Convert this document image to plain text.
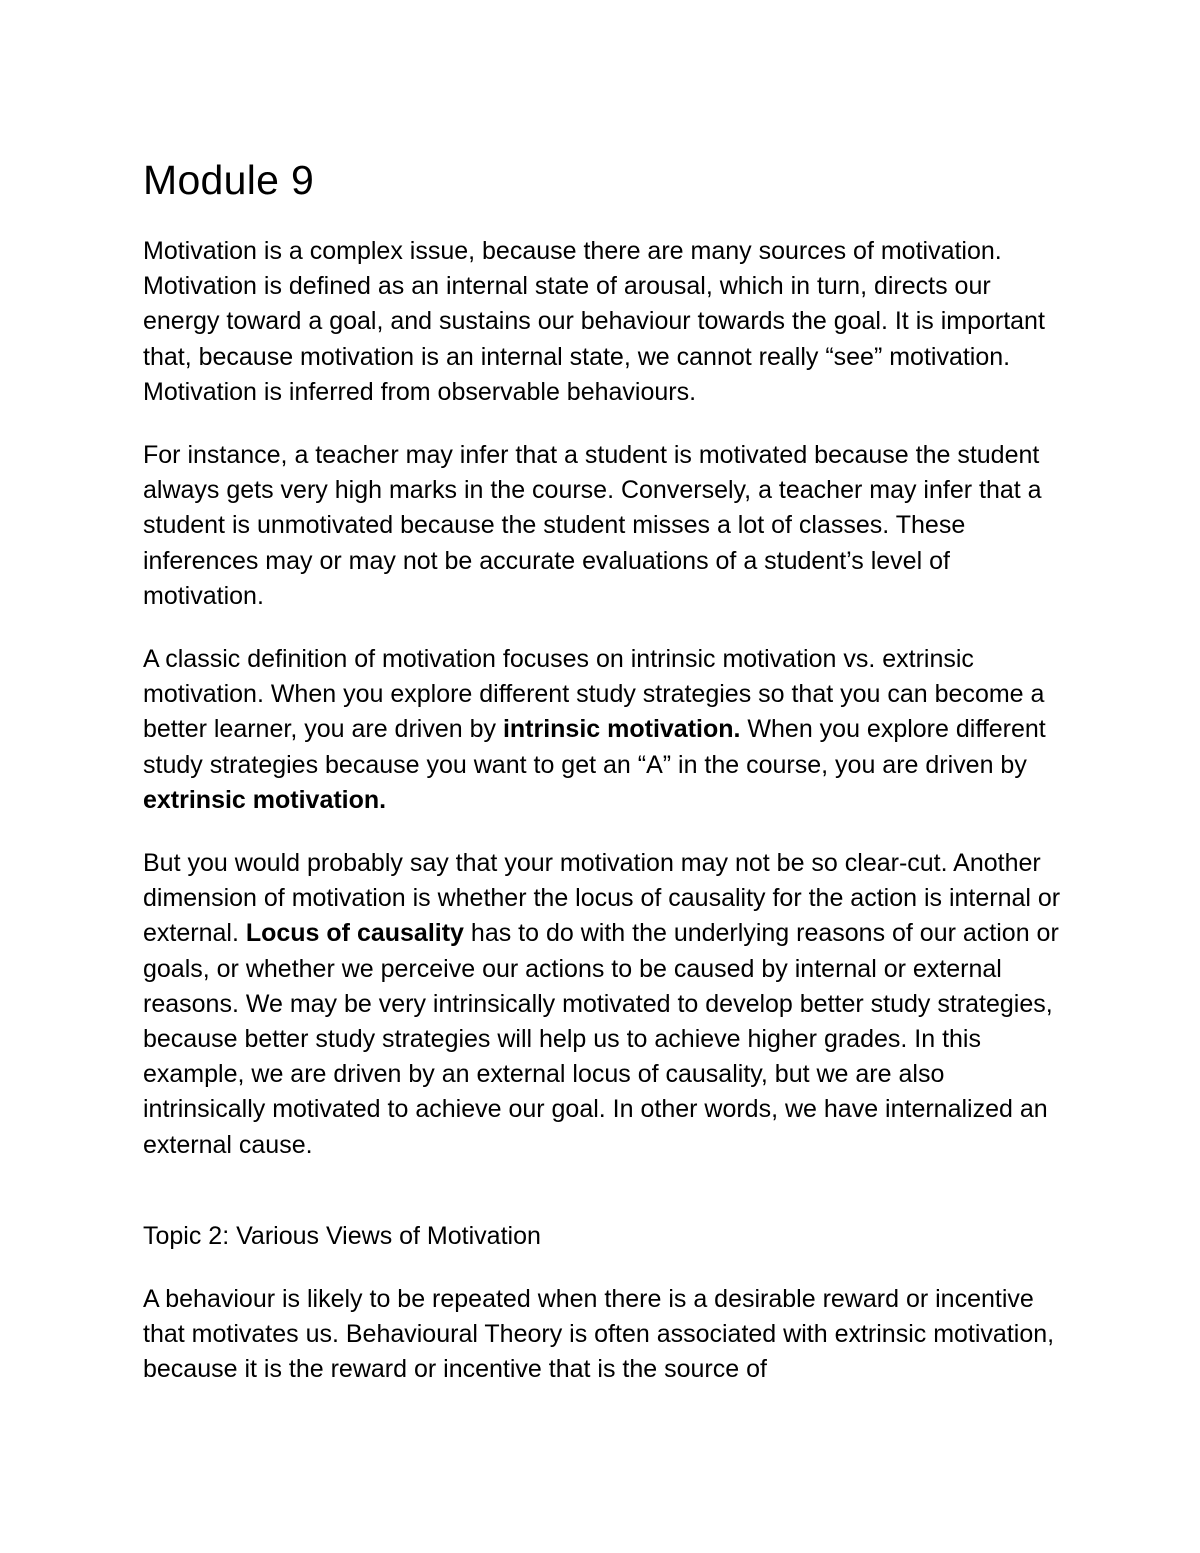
Module 9

Motivation is a complex issue, because there are many sources of motivation. Motivation is defined as an internal state of arousal, which in turn, directs our energy toward a goal, and sustains our behaviour towards the goal. It is important that, because motivation is an internal state, we cannot really “see” motivation. Motivation is inferred from observable behaviours.

For instance, a teacher may infer that a student is motivated because the student always gets very high marks in the course. Conversely, a teacher may infer that a student is unmotivated because the student misses a lot of classes. These inferences may or may not be accurate evaluations of a student’s level of motivation.

A classic definition of motivation focuses on intrinsic motivation vs. extrinsic motivation. When you explore different study strategies so that you can become a better learner, you are driven by intrinsic motivation. When you explore different study strategies because you want to get an “A” in the course, you are driven by extrinsic motivation.

But you would probably say that your motivation may not be so clear-cut. Another dimension of motivation is whether the locus of causality for the action is internal or external. Locus of causality has to do with the underlying reasons of our action or goals, or whether we perceive our actions to be caused by internal or external reasons. We may be very intrinsically motivated to develop better study strategies, because better study strategies will help us to achieve higher grades. In this example, we are driven by an external locus of causality, but we are also intrinsically motivated to achieve our goal. In other words, we have internalized an external cause.

Topic 2: Various Views of Motivation

A behaviour is likely to be repeated when there is a desirable reward or incentive that motivates us. Behavioural Theory is often associated with extrinsic motivation, because it is the reward or incentive that is the source of
